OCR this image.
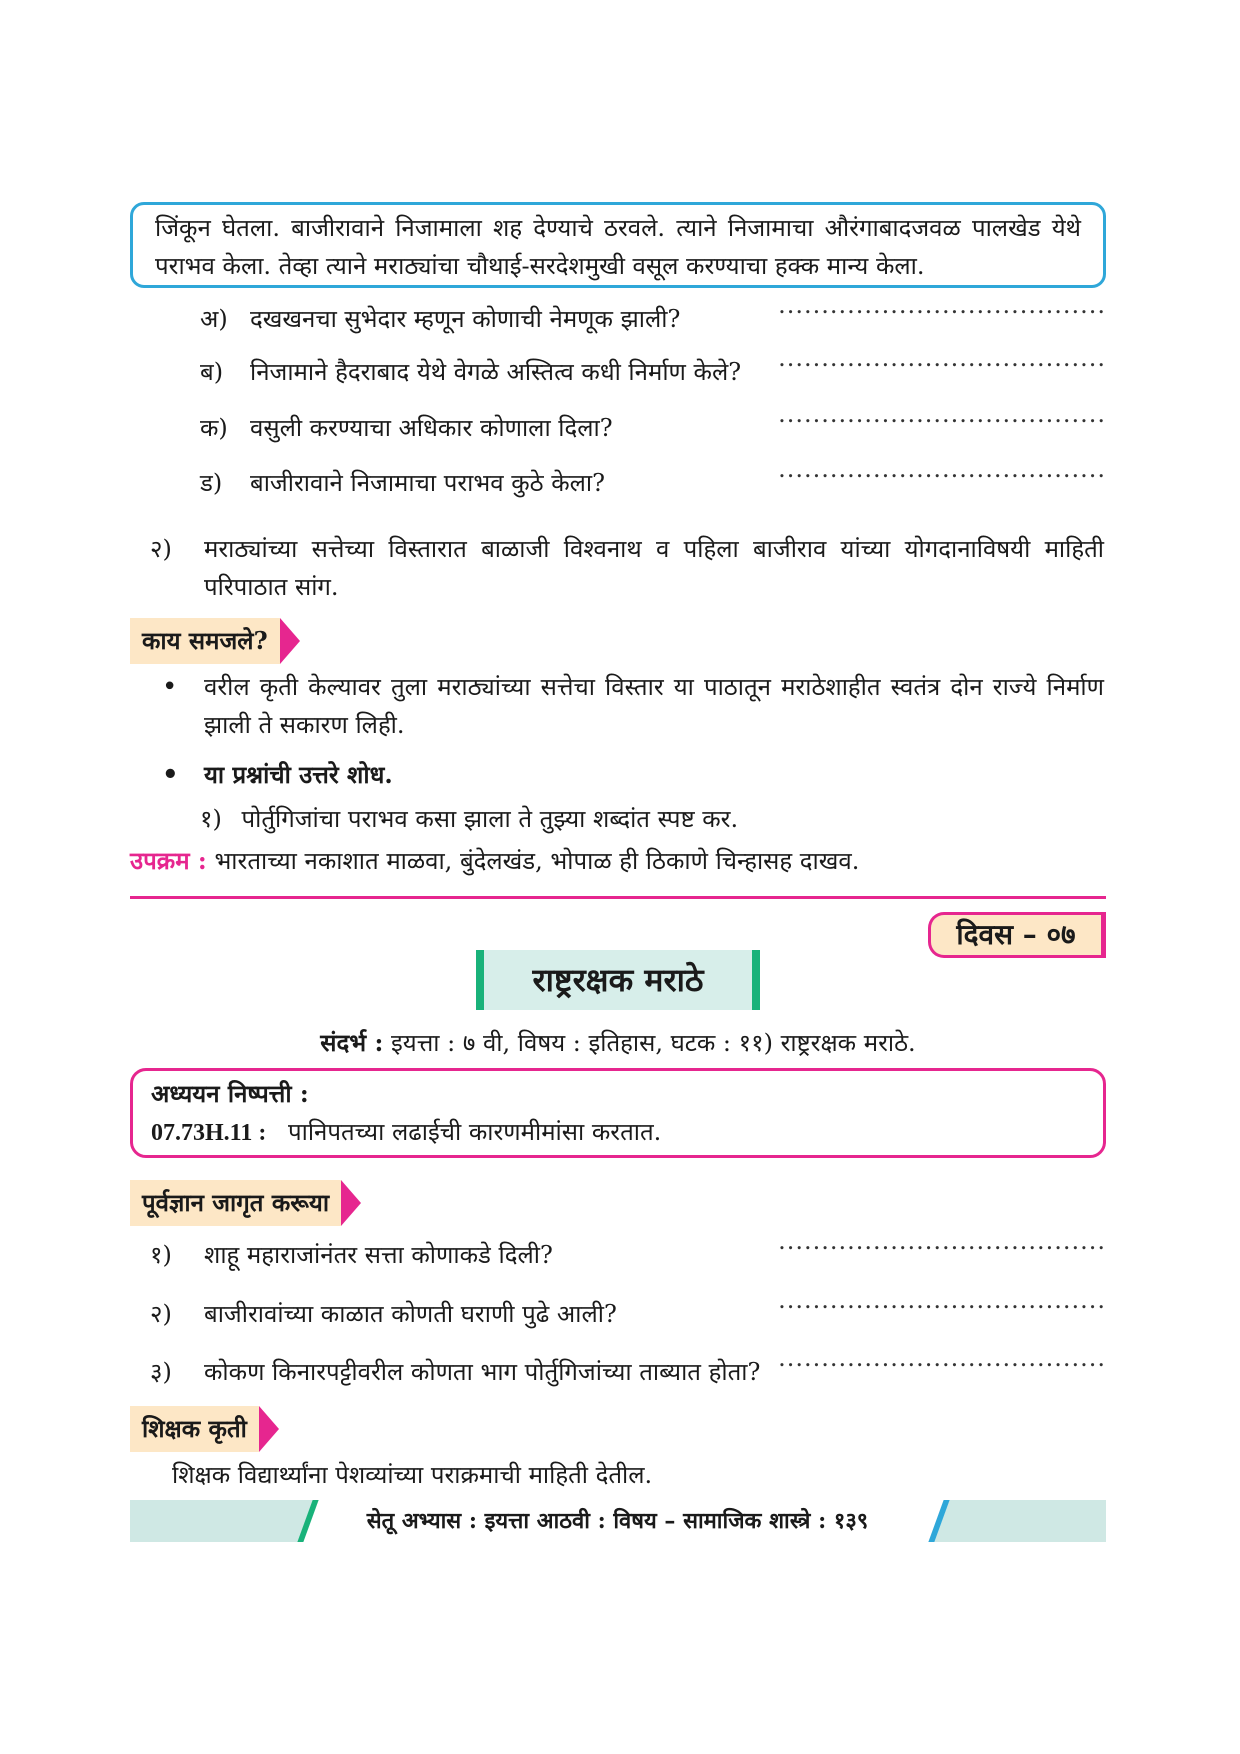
जिंकून घेतला. बाजीरावाने निजामाला शह देण्याचे ठरवले. त्याने निजामाचा औरंगाबादजवळ पालखेड येथे पराभव केला. तेव्हा त्याने मराठ्यांचा चौथाई-सरदेशमुखी वसूल करण्याचा हक्क मान्य केला.
अ) दखखनचा सुभेदार म्हणून कोणाची नेमणूक झाली?	......................................
ब)	निजामाने हैदराबाद येथे वेगळे अस्तित्व कधी निर्माण केले? ......................................
क) वसुली करण्याचा अधिकार कोणाला दिला?	......................................
ड)	बाजीरावाने निजामाचा पराभव कुठे केला?	......................................
२) मराठ्यांच्या सत्तेच्या विस्तारात बाळाजी विश्वनाथ व पहिला बाजीराव यांच्या योगदानाविषयी माहिती परिपाठात सांग.
काय समजले?
• वरील कृती केल्यावर तुला मराठ्यांच्या सत्तेचा विस्तार या पाठातून मराठेशाहीत स्वतंत्र दोन राज्ये निर्माण झाली ते सकारण लिही.
• या प्रश्नांची उत्तरे शोध.
१) पोर्तुगिजांचा पराभव कसा झाला ते तुझ्या शब्दांत स्पष्ट कर.
उपक्रम : भारताच्या नकाशात माळवा, बुंदेलखंड, भोपाळ ही ठिकाणे चिन्हासह दाखव.
दिवस – ०७
राष्ट्ररक्षक मराठे
संदर्भ : इयत्ता : ७ वी, विषय : इतिहास, घटक : ११) राष्ट्ररक्षक मराठे.
अध्ययन निष्पत्ती :
07.73H.11 : पानिपतच्या लढाईची कारणमीमांसा करतात.
पूर्वज्ञान जागृत करूया
१)	शाहू महाराजांनंतर सत्ता कोणाकडे दिली?	......................................
२)	बाजीरावांच्या काळात कोणती घराणी पुढे आली?	......................................
३)	कोकण किनारपट्टीवरील कोणता भाग पोर्तुगिजांच्या ताब्यात होता? ......................................
शिक्षक कृती
शिक्षक विद्यार्थ्यांना पेशव्यांच्या पराक्रमाची माहिती देतील.
सेतू अभ्यास : इयत्ता आठवी : विषय – सामाजिक शास्त्रे : १३९
